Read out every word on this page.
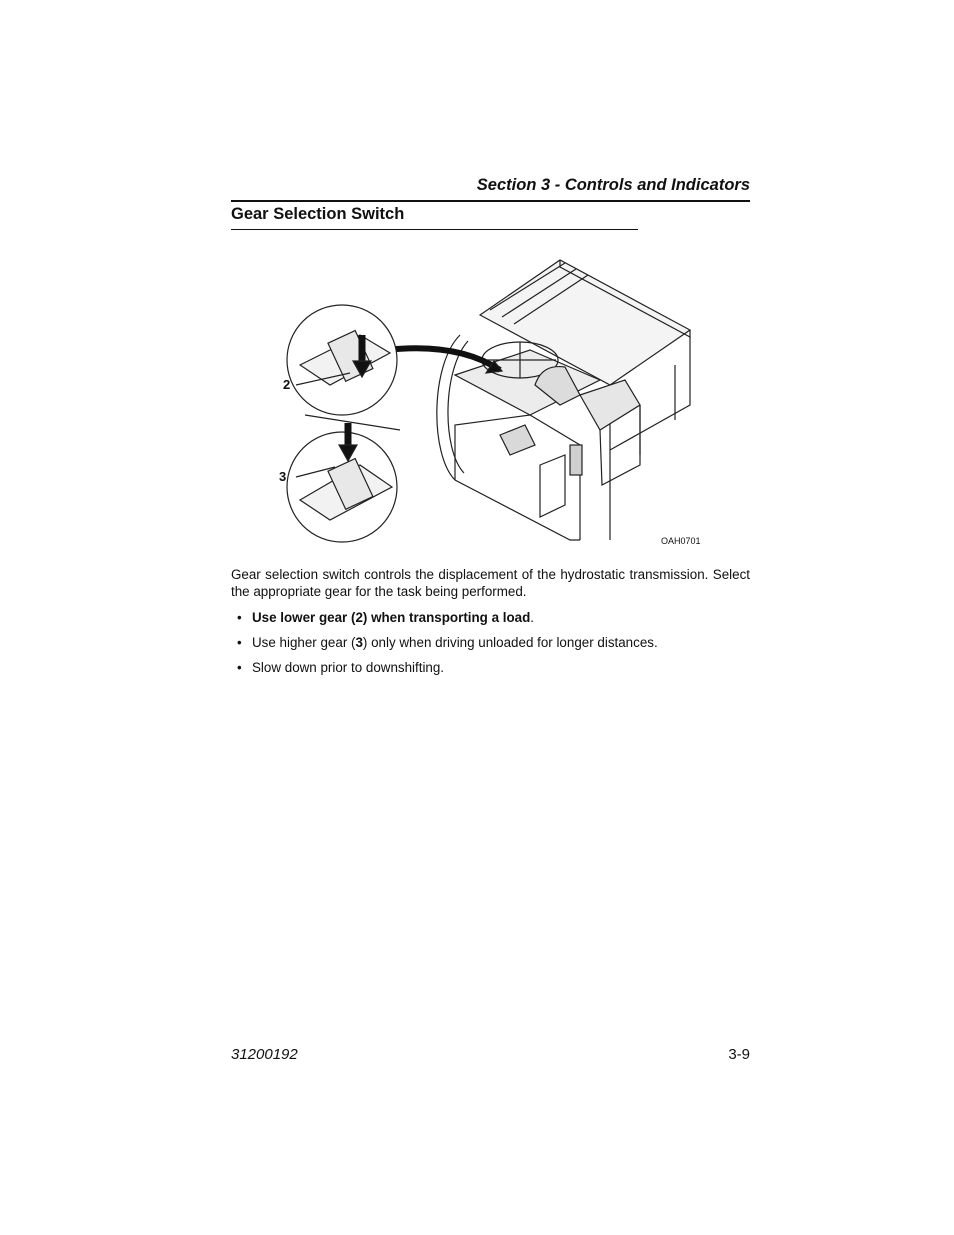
Section 3 - Controls and Indicators
Gear Selection Switch
2
3
OAH0701

Gear selection switch controls the displacement of the hydrostatic transmission. Select the appropriate gear for the task being performed.

• Use lower gear (2) when transporting a load.
• Use higher gear (3) only when driving unloaded for longer distances.
• Slow down prior to downshifting.
31200192	3-9
